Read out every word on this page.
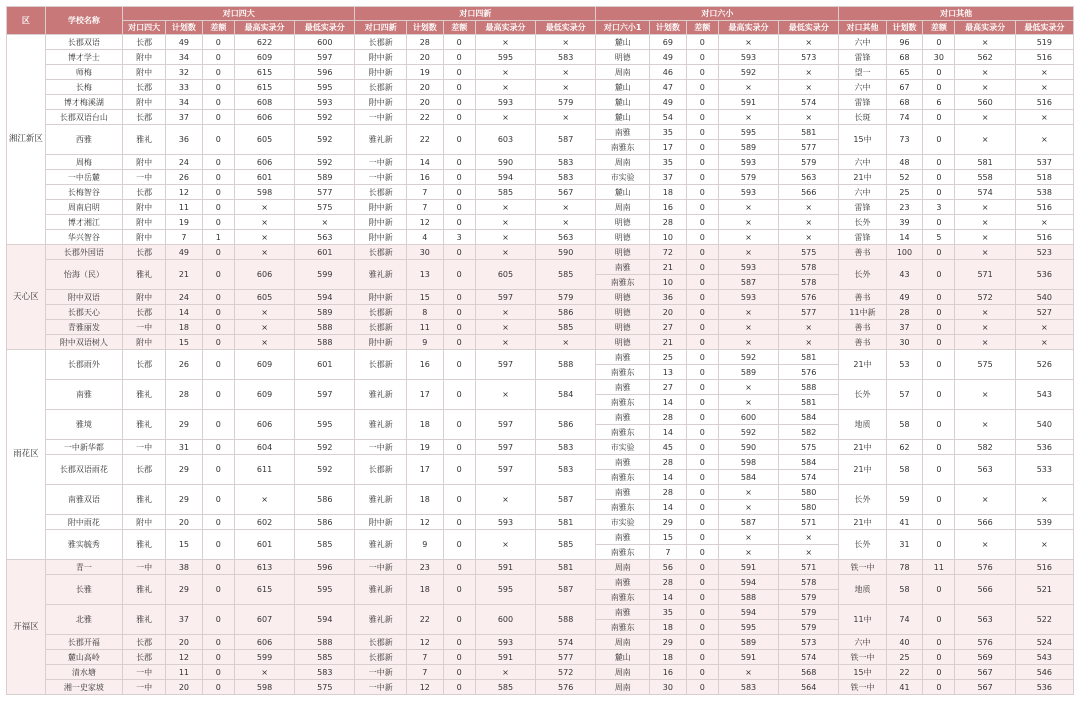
区	学校名称	对口四大					对口四新					对口六小					对口其他				
		对口四大	计划数	差额	最高实录分	最低实录分	对口四新	计划数	差额	最高实录分	最低实录分	对口六小1	计划数	差额	最高实录分	最低实录分	对口其他	计划数	差额	最高实录分	最低实录分
湘江新区	长郡双语	长郡	49	0	622	600	长郡新	28	0	×	×	麓山	69	0	×	×	六中	96	0	×	519
	博才学士	附中	34	0	609	597	附中新	20	0	595	583	明德	49	0	593	573	雷锋	68	30	562	516
	师梅	附中	32	0	615	596	附中新	19	0	×	×	周南	46	0	592	×	望一	65	0	×	×
	长梅	长郡	33	0	615	595	长郡新	20	0	×	×	麓山	47	0	×	×	六中	67	0	×	×
	博才梅溪湖	附中	34	0	608	593	附中新	20	0	593	579	麓山	49	0	591	574	雷锋	68	6	560	516
	长郡双语台山	长郡	37	0	606	592	一中新	22	0	×	×	麓山	54	0	×	×	长斑	74	0	×	×
	西雅	雅礼	36	0	605	592	雅礼新	22	0	603	587	南雅	35	0	595	581	15中	73	0	×	×
												南雅东	17	0	589	577					
	周梅	附中	24	0	606	592	一中新	14	0	590	583	周南	35	0	593	579	六中	48	0	581	537
	一中岳麓	一中	26	0	601	589	一中新	16	0	594	583	市实验	37	0	579	563	21中	52	0	558	518
	长梅智谷	长郡	12	0	598	577	长郡新	7	0	585	567	麓山	18	0	593	566	六中	25	0	574	538
	周南启明	附中	11	0	×	575	附中新	7	0	×	×	周南	16	0	×	×	雷锋	23	3	×	516
	博才湘江	附中	19	0	×	×	附中新	12	0	×	×	明德	28	0	×	×	长外	39	0	×	×
	华兴智谷	附中	7	1	×	563	附中新	4	3	×	563	明德	10	0	×	×	雷锋	14	5	×	516
天心区	长郡外国语	长郡	49	0	×	601	长郡新	30	0	×	590	明德	72	0	×	575	善书	100	0	×	523
	怡海（民）	雅礼	21	0	606	599	雅礼新	13	0	605	585	南雅	21	0	593	578	长外	43	0	571	536
												南雅东	10	0	587	578					
	附中双语	附中	24	0	605	594	附中新	15	0	597	579	明德	36	0	593	576	善书	49	0	572	540
	长郡天心	长郡	14	0	×	589	长郡新	8	0	×	586	明德	20	0	×	577	11中新	28	0	×	527
	青雅丽发	一中	18	0	×	588	长郡新	11	0	×	585	明德	27	0	×	×	善书	37	0	×	×
	附中双语树人	附中	15	0	×	588	附中新	9	0	×	×	明德	21	0	×	×	善书	30	0	×	×
雨花区	长郡雨外	长郡	26	0	609	601	长郡新	16	0	597	588	南雅	25	0	592	581	21中	53	0	575	526
												南雅东	13	0	589	576					
	南雅	雅礼	28	0	609	597	雅礼新	17	0	×	584	南雅	27	0	×	588	长外	57	0	×	543
												南雅东	14	0	×	581					
	雅境	雅礼	29	0	606	595	雅礼新	18	0	597	586	南雅	28	0	600	584	地质	58	0	×	540
												南雅东	14	0	592	582					
	一中新华都	一中	31	0	604	592	一中新	19	0	597	583	市实验	45	0	590	575	21中	62	0	582	536
	长郡双语雨花	长郡	29	0	611	592	长郡新	17	0	597	583	南雅	28	0	598	584	21中	58	0	563	533
												南雅东	14	0	584	574					
	南雅双语	雅礼	29	0	×	586	雅礼新	18	0	×	587	南雅	28	0	×	580	长外	59	0	×	×
												南雅东	14	0	×	580					
	附中雨花	附中	20	0	602	586	附中新	12	0	593	581	市实验	29	0	587	571	21中	41	0	566	539
	雅实毓秀	雅礼	15	0	601	585	雅礼新	9	0	×	585	南雅	15	0	×	×	长外	31	0	×	×
												南雅东	7	0	×	×					
开福区	青一	一中	38	0	613	596	一中新	23	0	591	581	周南	56	0	591	571	铁一中	78	11	576	516
	长雅	雅礼	29	0	615	595	雅礼新	18	0	595	587	南雅	28	0	594	578	地质	58	0	566	521
												南雅东	14	0	588	579					
	北雅	雅礼	37	0	607	594	雅礼新	22	0	600	588	南雅	35	0	594	579	11中	74	0	563	522
												南雅东	18	0	595	579					
	长郡开福	长郡	20	0	606	588	长郡新	12	0	593	574	周南	29	0	589	573	六中	40	0	576	524
	麓山高岭	长郡	12	0	599	585	长郡新	7	0	591	577	麓山	18	0	591	574	铁一中	25	0	569	543
	清水塘	一中	11	0	×	583	一中新	7	0	×	572	周南	16	0	×	568	15中	22	0	567	546
	湘一史家坡	一中	20	0	598	575	一中新	12	0	585	576	周南	30	0	583	564	铁一中	41	0	567	536
